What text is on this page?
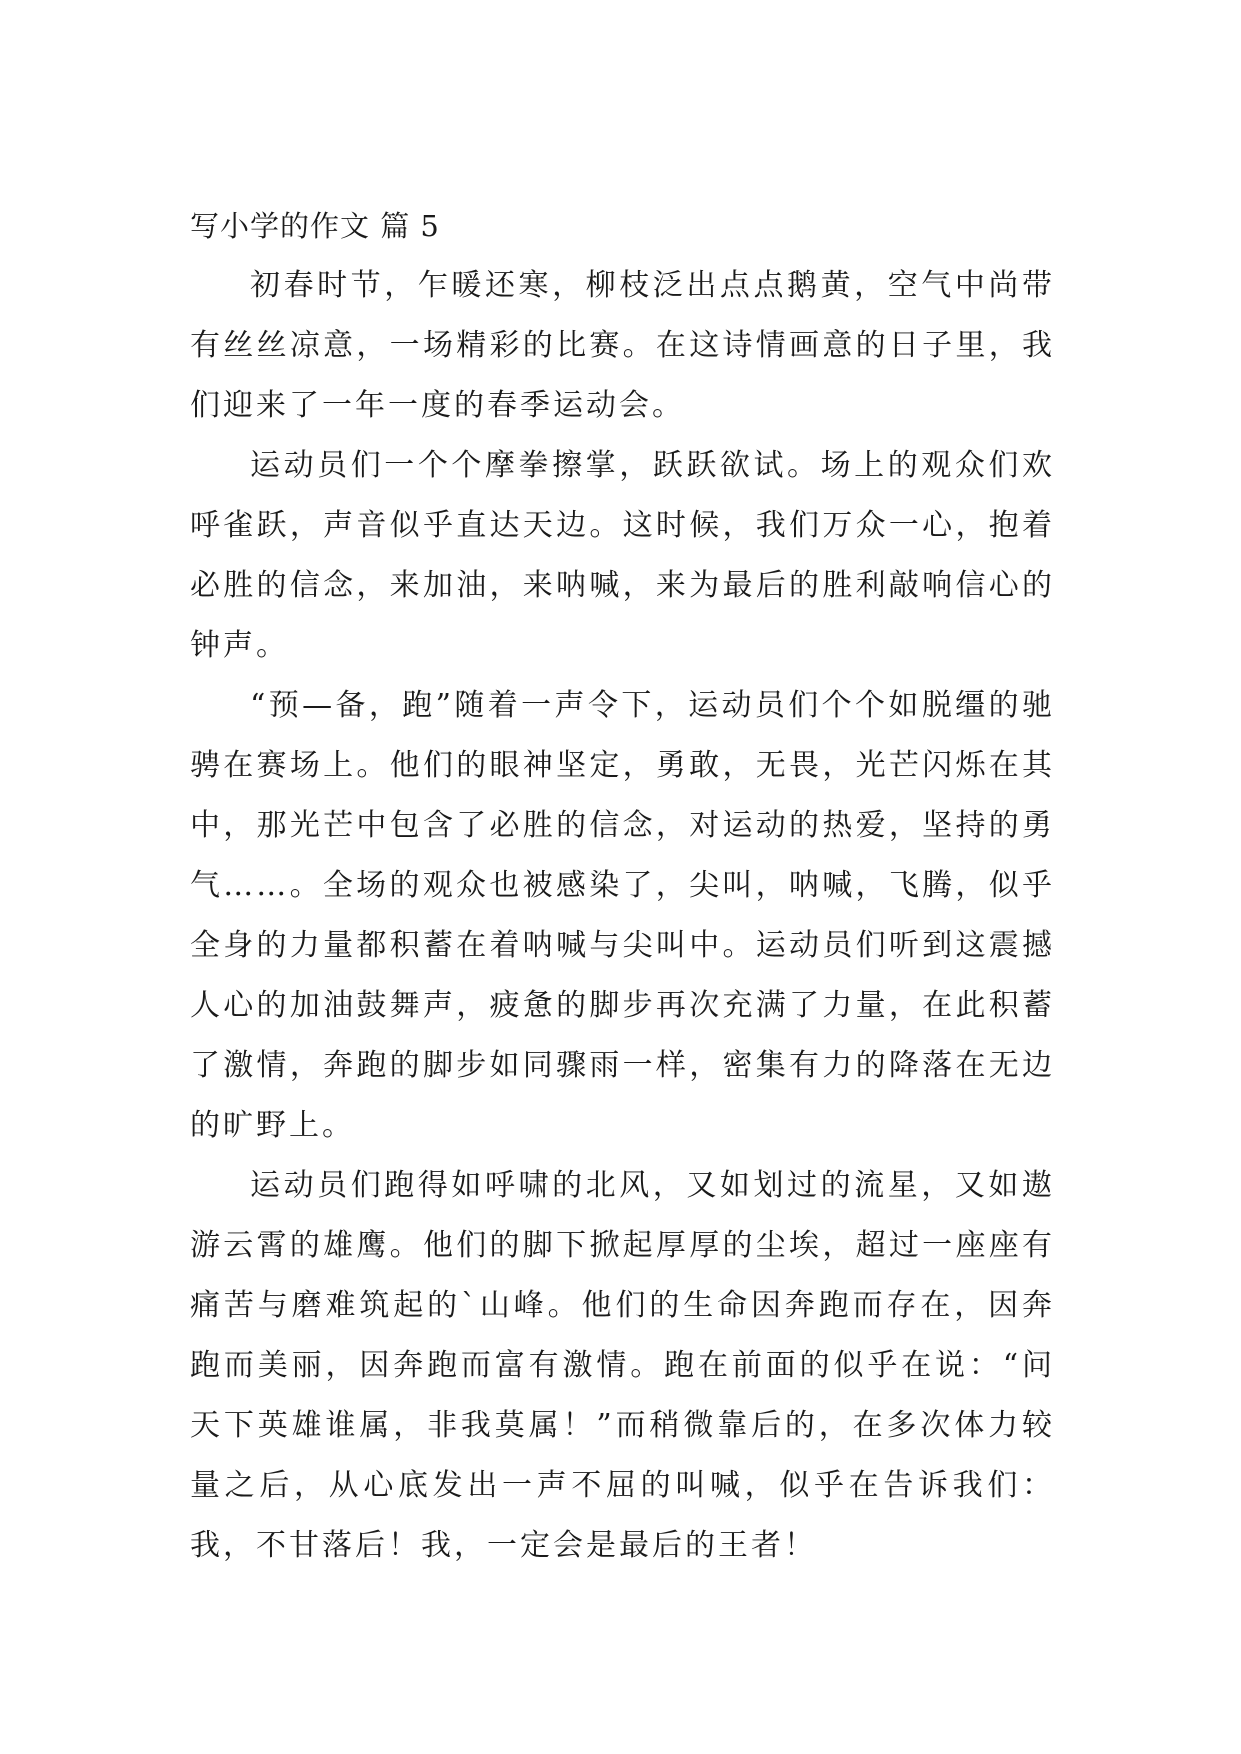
写小学的作文 篇 5

初春时节，乍暖还寒，柳枝泛出点点鹅黄，空气中尚带有丝丝凉意，一场精彩的比赛。在这诗情画意的日子里，我们迎来了一年一度的春季运动会。

运动员们一个个摩拳擦掌，跃跃欲试。场上的观众们欢呼雀跃，声音似乎直达天边。这时候，我们万众一心，抱着必胜的信念，来加油，来呐喊，来为最后的胜利敲响信心的钟声。

“预—备，跑”随着一声令下，运动员们个个如脱缰的驰骋在赛场上。他们的眼神坚定，勇敢，无畏，光芒闪烁在其中，那光芒中包含了必胜的信念，对运动的热爱，坚持的勇气……。全场的观众也被感染了，尖叫，呐喊，飞腾，似乎全身的力量都积蓄在着呐喊与尖叫中。运动员们听到这震撼人心的加油鼓舞声，疲惫的脚步再次充满了力量，在此积蓄了激情，奔跑的脚步如同骤雨一样，密集有力的降落在无边的旷野上。

运动员们跑得如呼啸的北风，又如划过的流星，又如遨游云霄的雄鹰。他们的脚下掀起厚厚的尘埃，超过一座座有痛苦与磨难筑起的`山峰。他们的生命因奔跑而存在，因奔跑而美丽，因奔跑而富有激情。跑在前面的似乎在说：“问天下英雄谁属，非我莫属！”而稍微靠后的，在多次体力较量之后，从心底发出一声不屈的叫喊，似乎在告诉我们：我，不甘落后！我，一定会是最后的王者！
